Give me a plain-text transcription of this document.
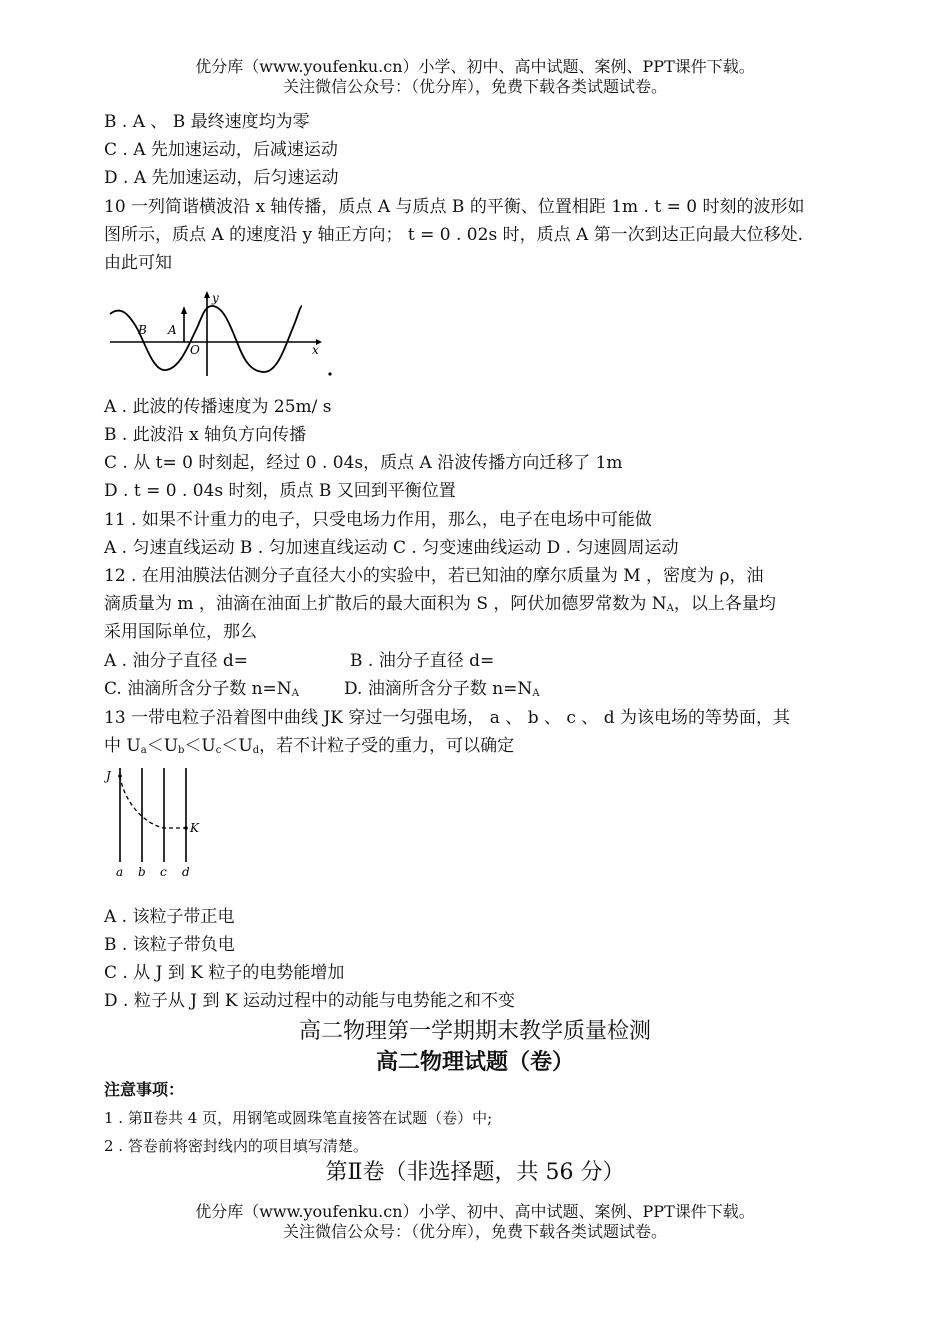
优分库（www.youfenku.cn）小学、初中、高中试题、案例、PPT课件下载。
关注微信公众号：（优分库），免费下载各类试题试卷。
B . A 、 B 最终速度均为零
C . A 先加速运动，后减速运动
D . A 先加速运动，后匀速运动
10 一列简谐横波沿 x 轴传播，质点 A 与质点 B 的平衡、位置相距 1m . t = 0 时刻的波形如
图所示，质点 A 的速度沿 y 轴正方向； t = 0 . 02s 时，质点 A 第一次到达正向最大位移处.
由此可知
y
x
O
A
B
A . 此波的传播速度为 25m/ s
B . 此波沿 x 轴负方向传播
C . 从 t= 0 时刻起，经过 0 . 04s，质点 A 沿波传播方向迁移了 1m
D . t = 0 . 04s 时刻，质点 B 又回到平衡位置
11 . 如果不计重力的电子，只受电场力作用，那么，电子在电场中可能做
A . 匀速直线运动 B . 匀加速直线运动 C . 匀变速曲线运动 D . 匀速圆周运动
12 . 在用油膜法估测分子直径大小的实验中，若已知油的摩尔质量为 M ，密度为 ρ，油
滴质量为 m ，油滴在油面上扩散后的最大面积为 S ，阿伏加德罗常数为 $N_A$，以上各量均
采用国际单位，那么
A . 油分子直径 d=	B . 油分子直径 d=
C. 油滴所含分子数 $n=N_A$	D. 油滴所含分子数 $n=N_A$
13 一带电粒子沿着图中曲线 JK 穿过一匀强电场， a 、 b 、 c 、 d 为该电场的等势面，其
中 $U_a<U_b<U_c<U_d$，若不计粒子受的重力，可以确定
J
K
a b c d
A . 该粒子带正电
B . 该粒子带负电
C . 从 J 到 K 粒子的电势能增加
D . 粒子从 J 到 K 运动过程中的动能与电势能之和不变
高二物理第一学期期末教学质量检测
高二物理试题（卷）
注意事项：
1 . 第Ⅱ卷共 4 页，用钢笔或圆珠笔直接答在试题（卷）中;
2 . 答卷前将密封线内的项目填写清楚。
第Ⅱ卷（非选择题，共 56 分）
优分库（www.youfenku.cn）小学、初中、高中试题、案例、PPT课件下载。
关注微信公众号：（优分库），免费下载各类试题试卷。
